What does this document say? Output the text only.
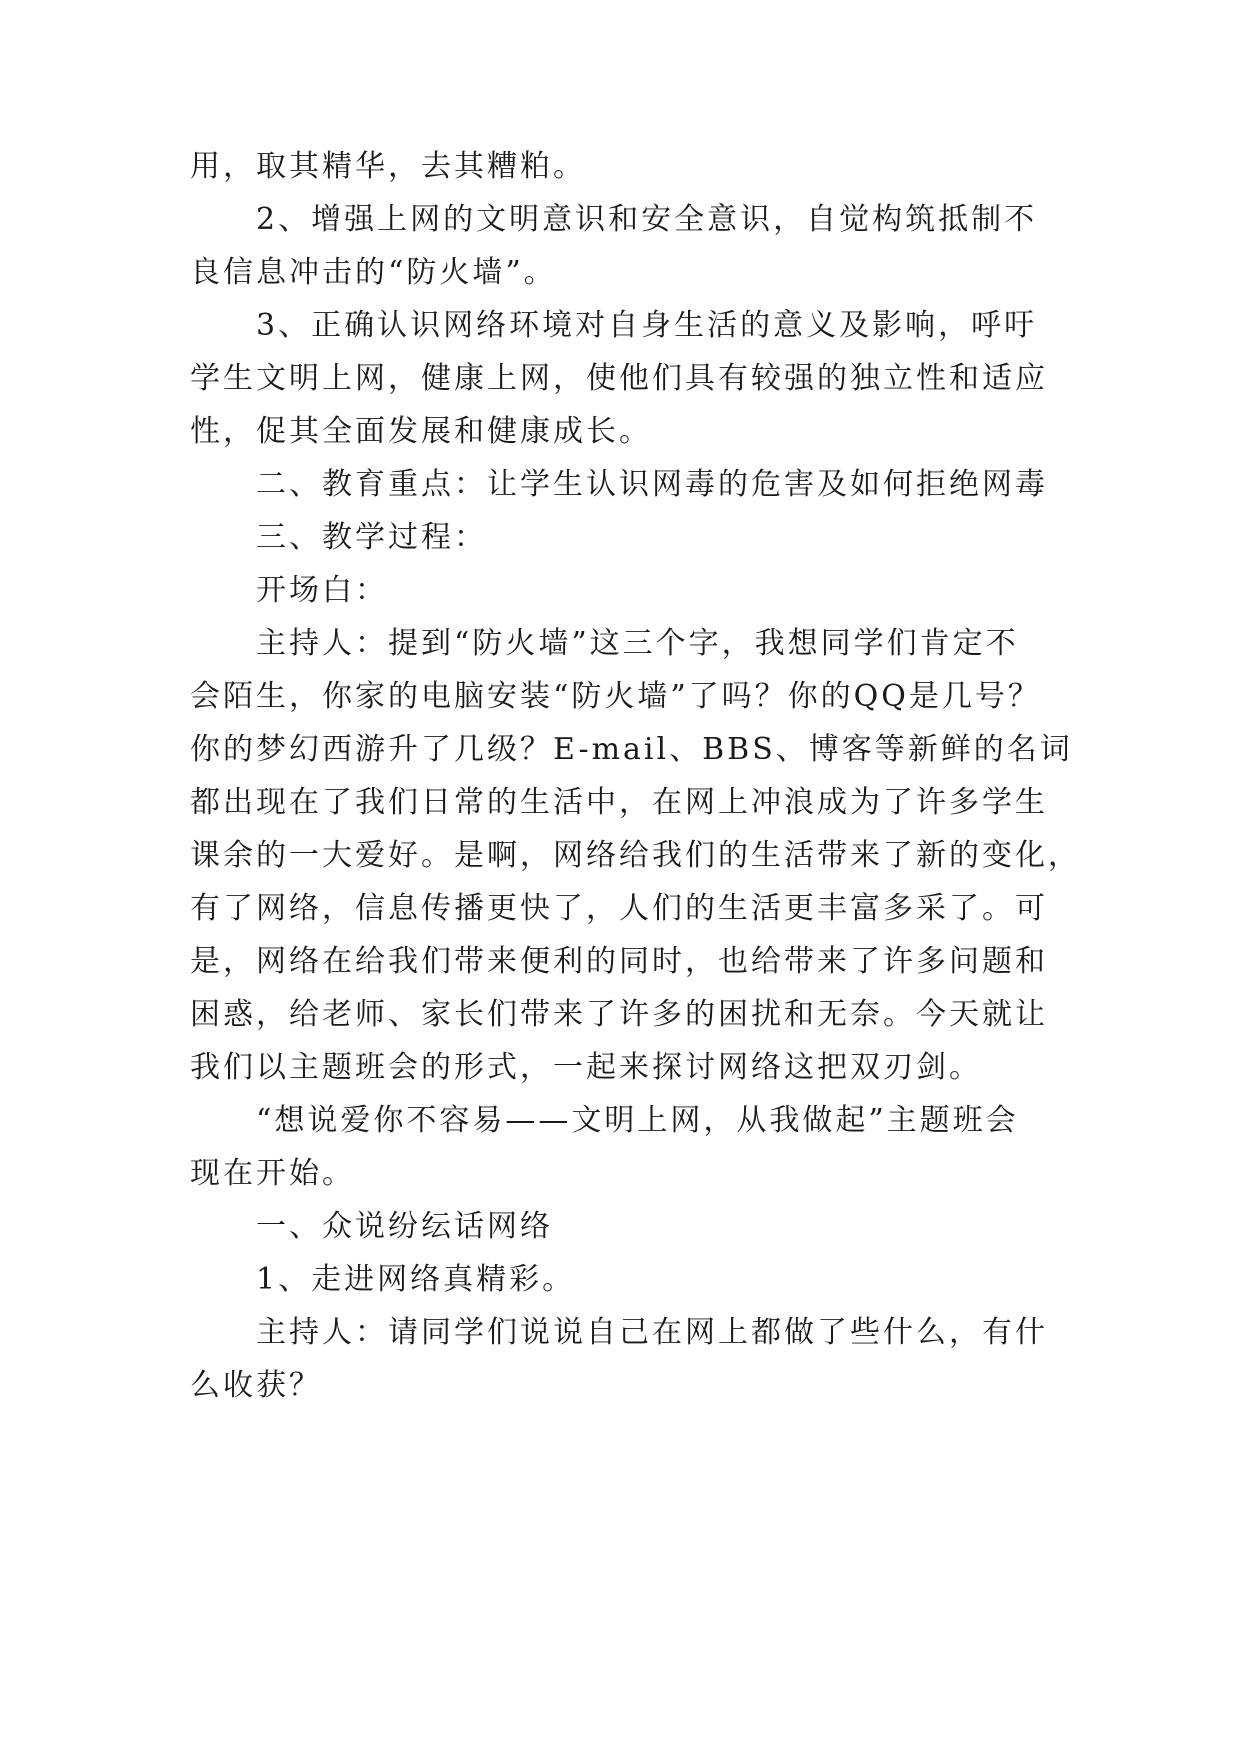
用，取其精华，去其糟粕。

2、增强上网的文明意识和安全意识，自觉构筑抵制不

良信息冲击的“防火墙”。

3、正确认识网络环境对自身生活的意义及影响，呼吁

学生文明上网，健康上网，使他们具有较强的独立性和适应

性，促其全面发展和健康成长。

二、教育重点：让学生认识网毒的危害及如何拒绝网毒

三、教学过程：

开场白：

主持人：提到“防火墙”这三个字，我想同学们肯定不

会陌生，你家的电脑安装“防火墙”了吗？你的QQ是几号？

你的梦幻西游升了几级？E-mail、BBS、博客等新鲜的名词

都出现在了我们日常的生活中，在网上冲浪成为了许多学生

课余的一大爱好。是啊，网络给我们的生活带来了新的变化，

有了网络，信息传播更快了，人们的生活更丰富多采了。可

是，网络在给我们带来便利的同时，也给带来了许多问题和

困惑，给老师、家长们带来了许多的困扰和无奈。今天就让

我们以主题班会的形式，一起来探讨网络这把双刃剑。

“想说爱你不容易——文明上网，从我做起”主题班会

现在开始。

一、众说纷纭话网络

1、走进网络真精彩。

主持人：请同学们说说自己在网上都做了些什么，有什

么收获？
